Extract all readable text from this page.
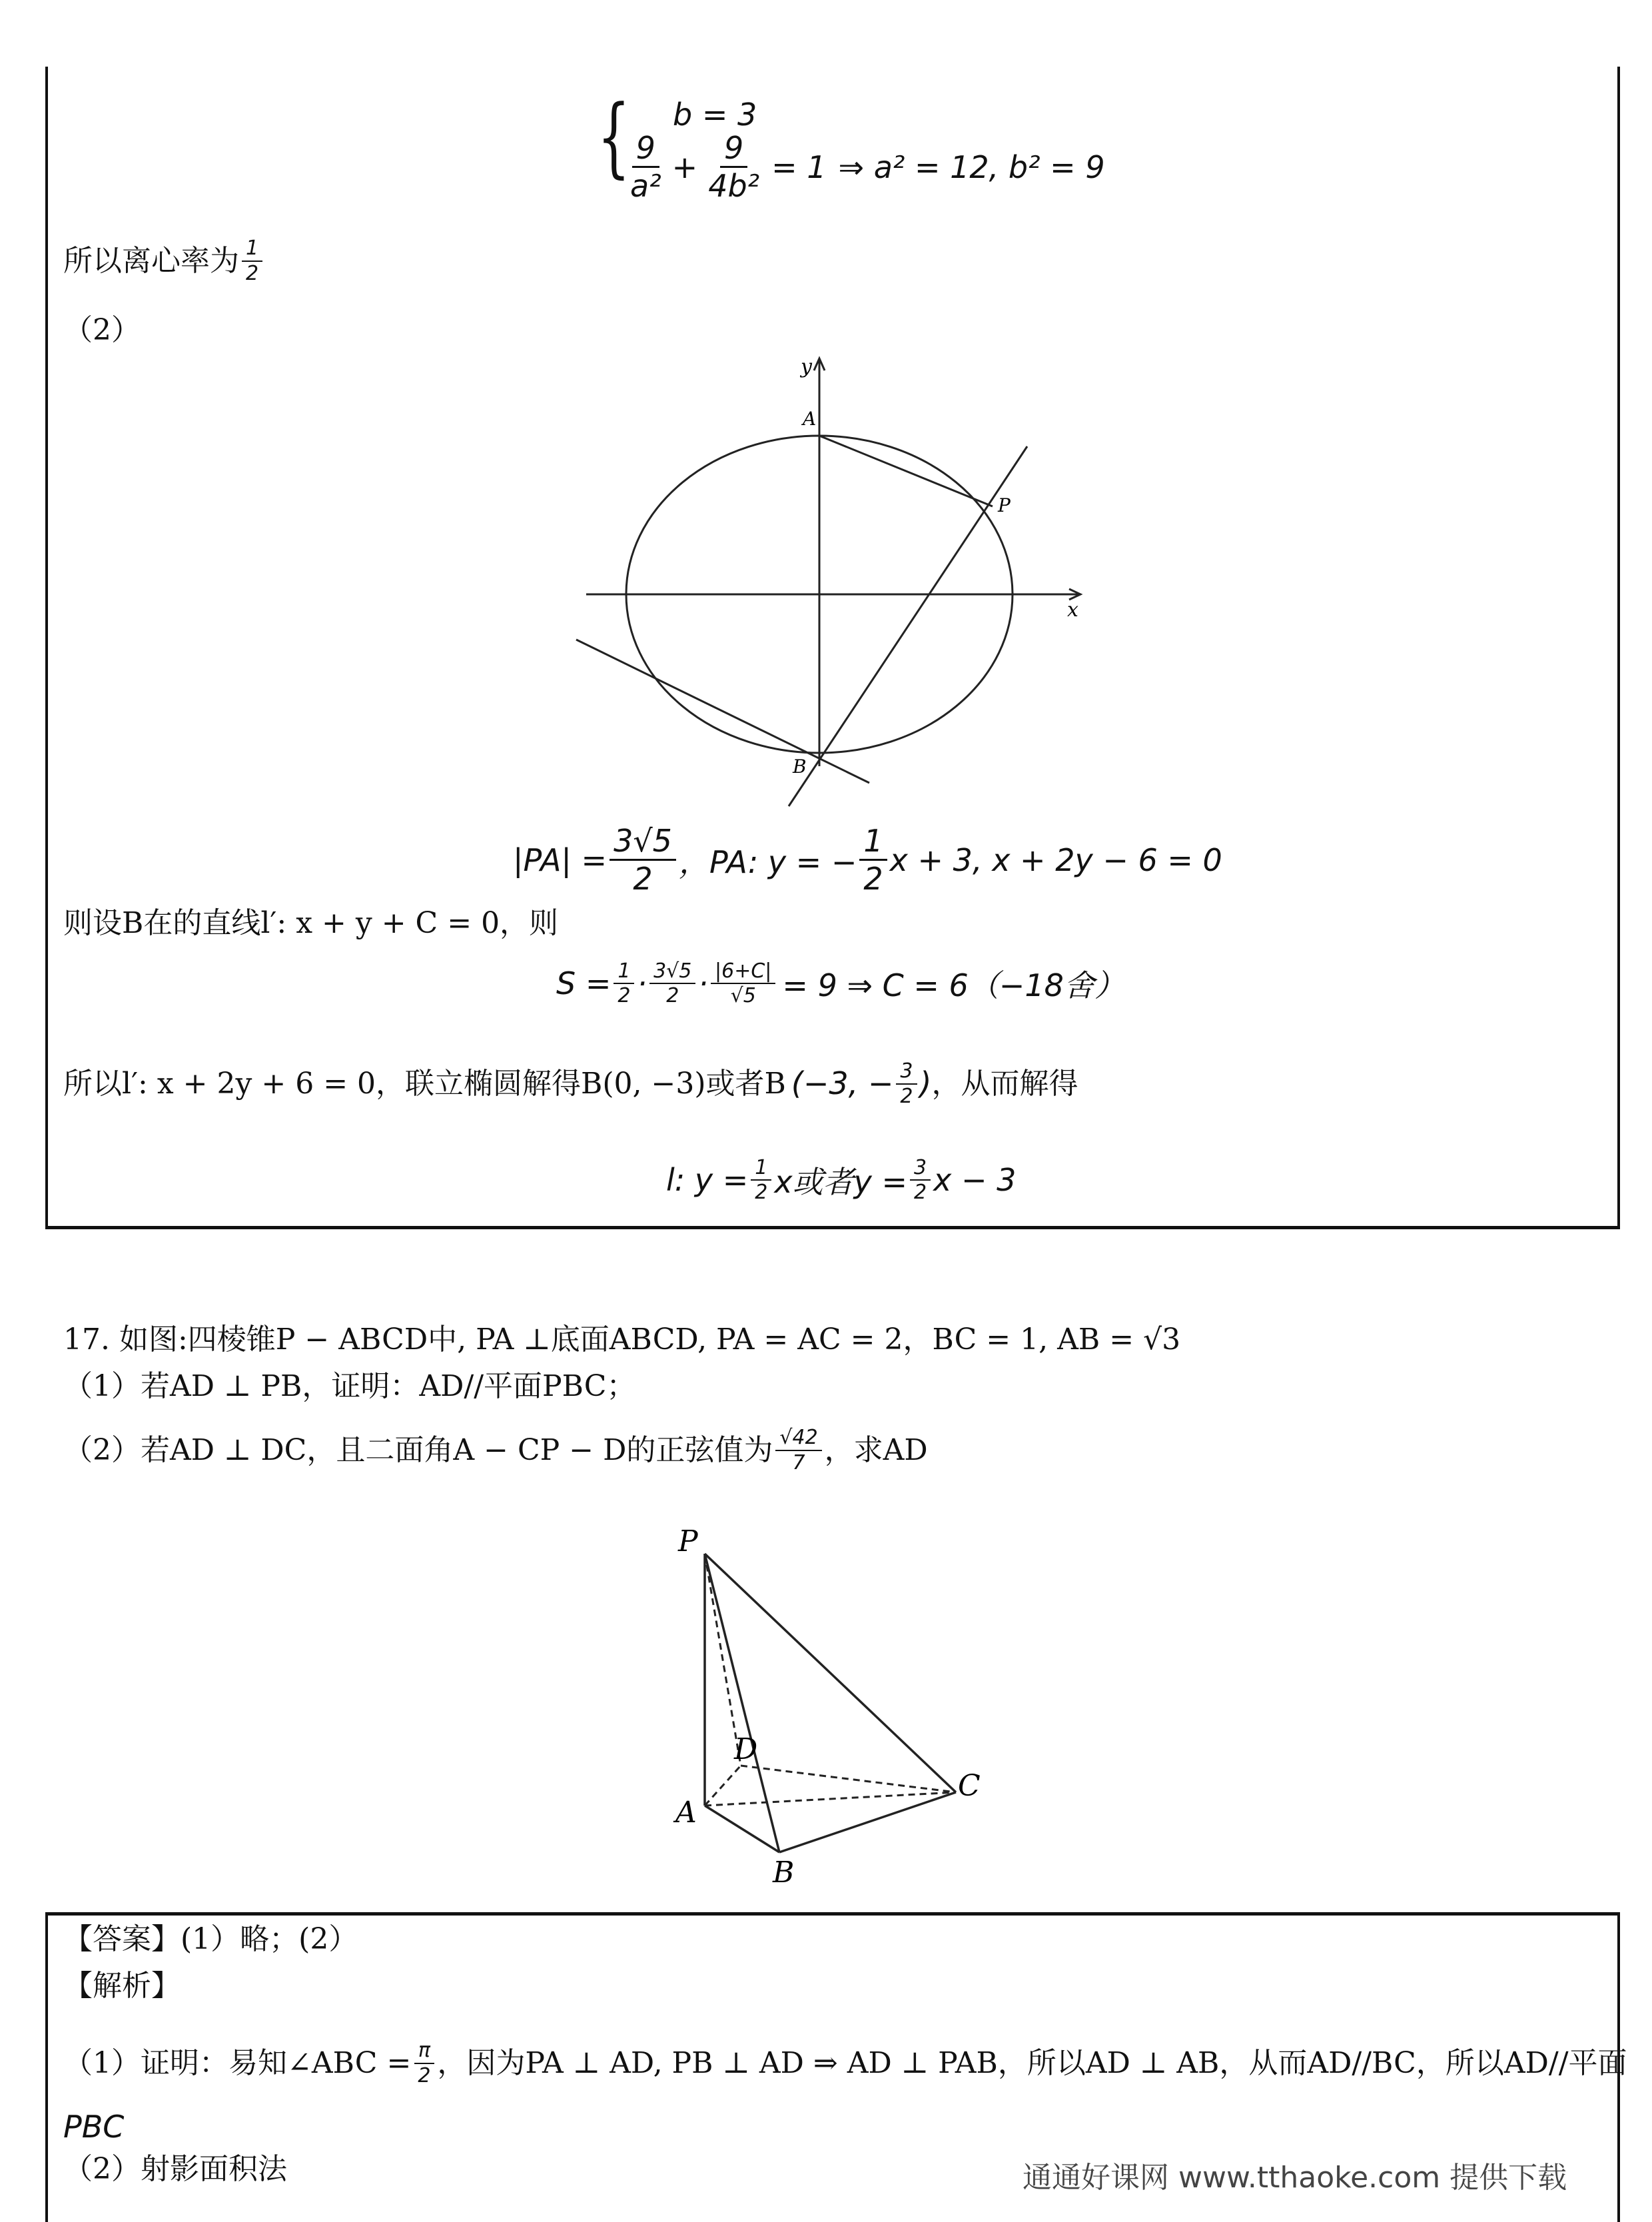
{ b = 3
$\frac{9}{\text{a²}} + \frac{9}{\text{4b²}} = 1$ ⇒ a² = 12, b² = 9
所以离心率为 $\frac{1}{2}$
（2）
y
x
A
P
B
$|PA| = \frac{3√5}{2}$ ，PA: y = − $\frac{1}{2}$ x + 3, x + 2y − 6 = 0
则设B在的直线l′: x + y + C = 0，则
$S = \frac{1}{2} \cdot \frac{3√5}{2} \cdot \frac{|6+C|}{√5} = 9$ ⇒ C = 6（−18舍）
所以l′: x + 2y + 6 = 0，联立椭圆解得B(0, −3)或者B (−3, − $\frac{3}{2}$ ) ，从而解得
l: $y = \frac{1}{2}$ x或者$y = \frac{3}{2}$ x − 3
17. 如图:四棱锥P − ABCD中, PA ⊥底面ABCD, PA = AC = 2，BC = 1, AB = √3
（1）若AD ⊥ PB，证明：AD//平面PBC；
（2）若AD ⊥ DC，且二面角A − CP − D的正弦值为 $\frac{√42}{7}$ ，求AD
P
D
A
B
C
【答案】(1）略；(2）
【解析】
（1）证明：易知∠ABC = $\frac{\pi}{2}$ ，因为PA ⊥ AD, PB ⊥ AD ⇒ AD ⊥ PAB，所以AD ⊥ AB，从而AD//BC，所以AD//平面
PBC
（2）射影面积法	通通好课网 www.tthaoke.com 提供下载
